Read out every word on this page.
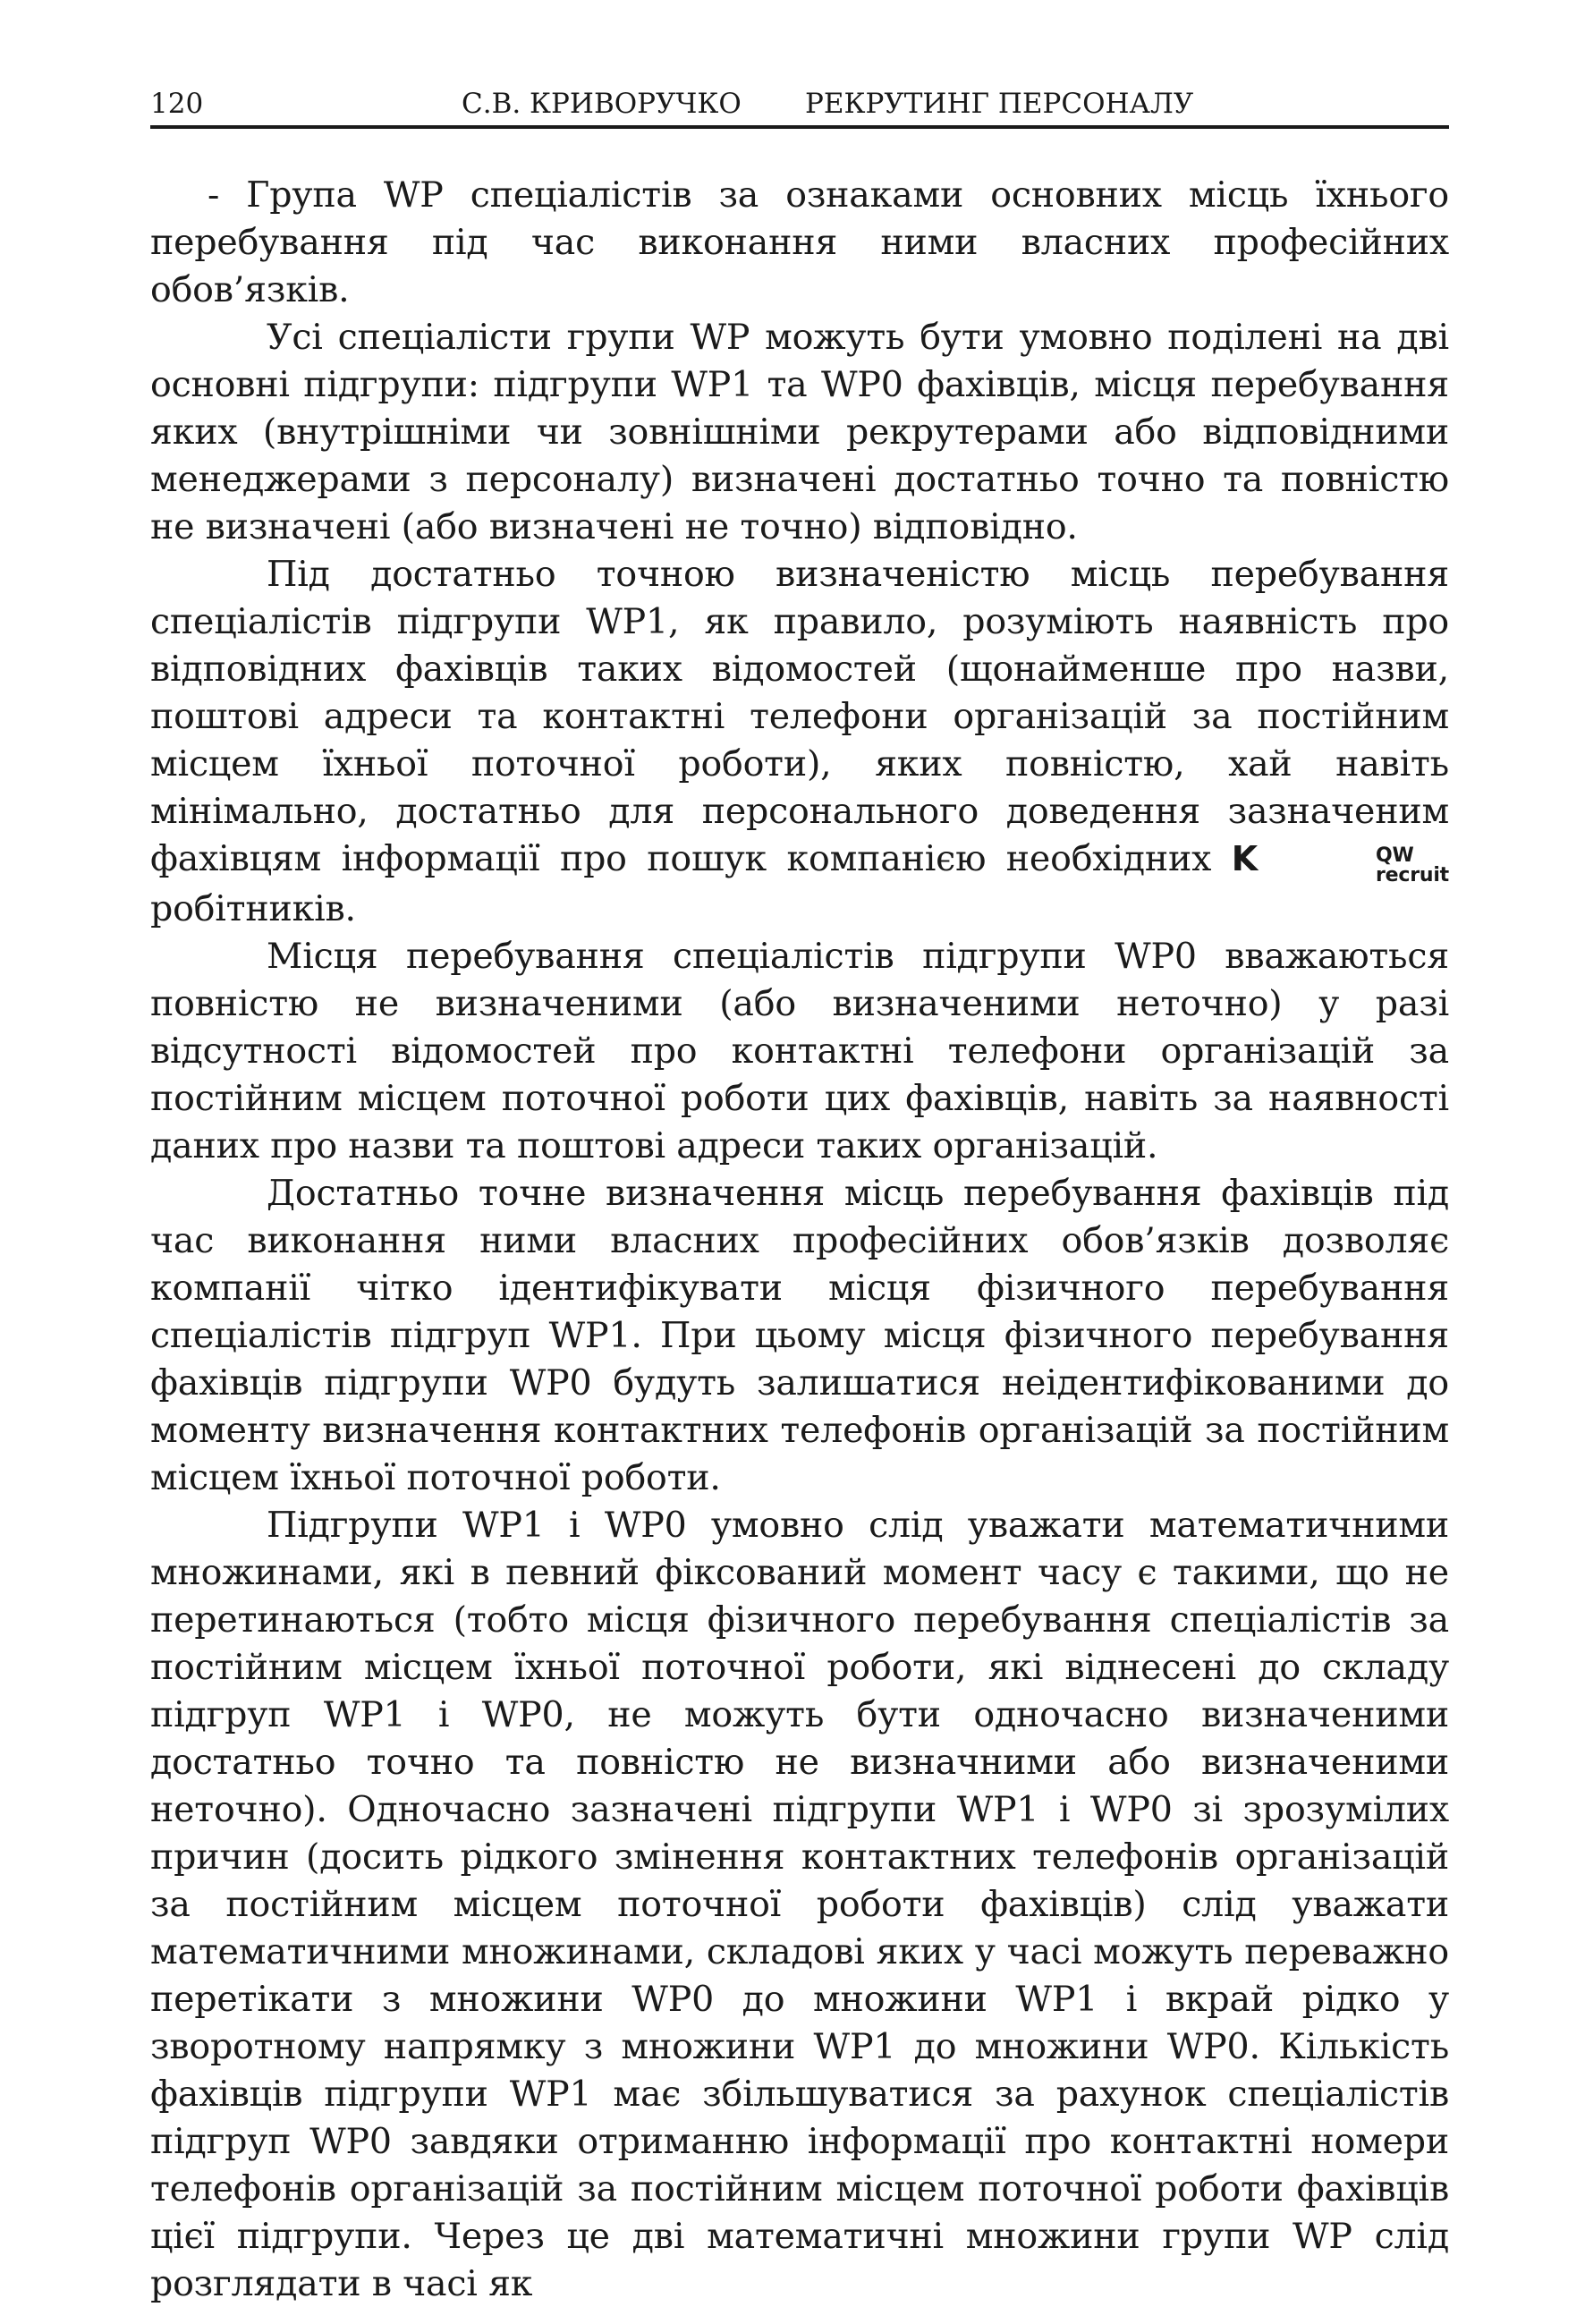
120	С.В. КРИВОРУЧКО РЕКРУТИНГ ПЕРСОНАЛУ

- Група WP спеціалістів за ознаками основних місць їхнього перебування під час виконання ними власних професійних обов’язків.

Усі спеціалісти групи WP можуть бути умовно поділені на дві основні підгрупи: підгрупи WP1 та WP0 фахівців, місця перебування яких (внутрішніми чи зовнішніми рекрутерами або відповідними менеджерами з персоналу) визначені достатньо точно та повністю не визначені (або визначені не точно) відповідно.

Під достатньо точною визначеністю місць перебування спеціалістів підгрупи WP1, як правило, розуміють наявність про відповідних фахівців таких відомостей (щонайменше про назви, поштові адреси та контактні телефони організацій за постійним місцем їхньої поточної роботи), яких повністю, хай навіть мінімально, достатньо для персонального доведення зазначеним фахівцям інформації про пошук компанією необхідних K	QW
recruit
робітників.

Місця перебування спеціалістів підгрупи WP0 вважаються повністю не визначеними (або визначеними неточно) у разі відсутності відомостей про контактні телефони організацій за постійним місцем поточної роботи цих фахівців, навіть за наявності даних про назви та поштові адреси таких організацій.

Достатньо точне визначення місць перебування фахівців під час виконання ними власних професійних обов’язків дозволяє компанії чітко ідентифікувати місця фізичного перебування спеціалістів підгруп WP1. При цьому місця фізичного перебування фахівців підгрупи WP0 будуть залишатися неідентифікованими до моменту визначення контактних телефонів організацій за постійним місцем їхньої поточної роботи.

Підгрупи WP1 і WP0 умовно слід уважати математичними множинами, які в певний фіксований момент часу є такими, що не перетинаються (тобто місця фізичного перебування спеціалістів за постійним місцем їхньої поточної роботи, які віднесені до складу підгруп WP1 і WP0, не можуть бути одночасно визначеними достатньо точно та повністю не визначними або визначеними неточно). Одночасно зазначені підгрупи WP1 і WP0 зі зрозумілих причин (досить рідкого змінення контактних телефонів організацій за постійним місцем поточної роботи фахівців) слід уважати математичними множинами, складові яких у часі можуть переважно перетікати з множини WP0 до множини WP1 і вкрай рідко у зворотному напрямку з множини WP1 до множини WP0. Кількість фахівців підгрупи WP1 має збільшуватися за рахунок спеціалістів підгруп WP0 завдяки отриманню інформації про контактні номери телефонів організацій за постійним місцем поточної роботи фахівців цієї підгрупи. Через це дві математичні множини групи WP слід розглядати в часі як
